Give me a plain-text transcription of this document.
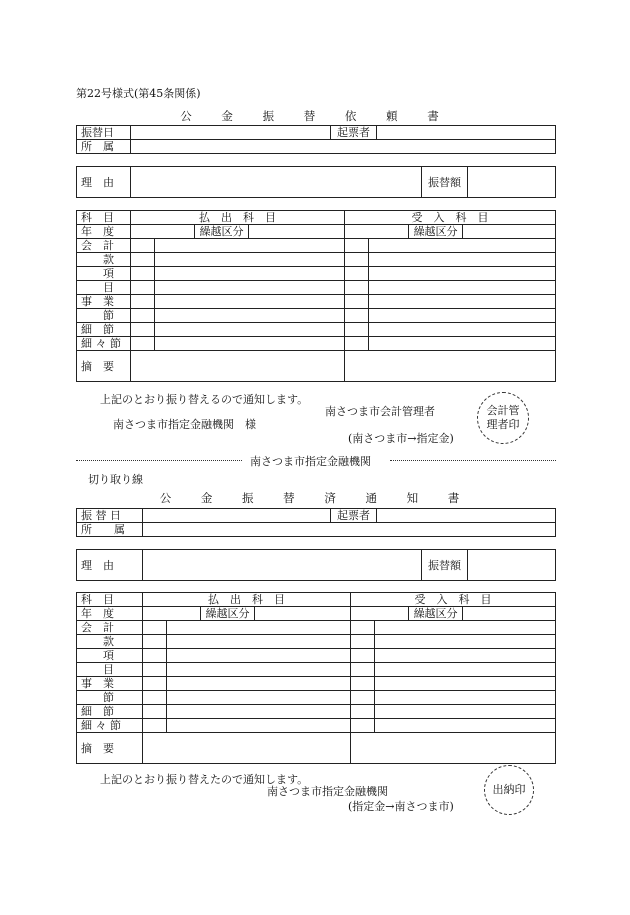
第22号様式(第45条関係)
公 金 振 替 依 頼 書
振替日		起票者	
所　属			
理　由		振替額	
科　目	払　出　科　目				受　入　科　目			
年　度			繰越区分				繰越区分	
会　計								
款								
項								
目								
事　業								
節								
細　節								
細 々 節								
摘　要								
上記のとおり振り替えるので通知します。
南さつま市会計管理者
南さつま市指定金融機関　様
(南さつま市→指定金)
会計管理者印
南さつま市指定金融機関
切り取り線
公 金 振 替 済 通 知 書
振 替 日		起票者	
所　　属			
理　由		振替額	
科　目	払　出　科　目				受　入　科　目			
年　度			繰越区分				繰越区分	
会　計								
款								
項								
目								
事　業								
節								
細　節								
細 々 節								
摘　要								
上記のとおり振り替えたので通知します。
南さつま市指定金融機関
(指定金→南さつま市)
出納印
